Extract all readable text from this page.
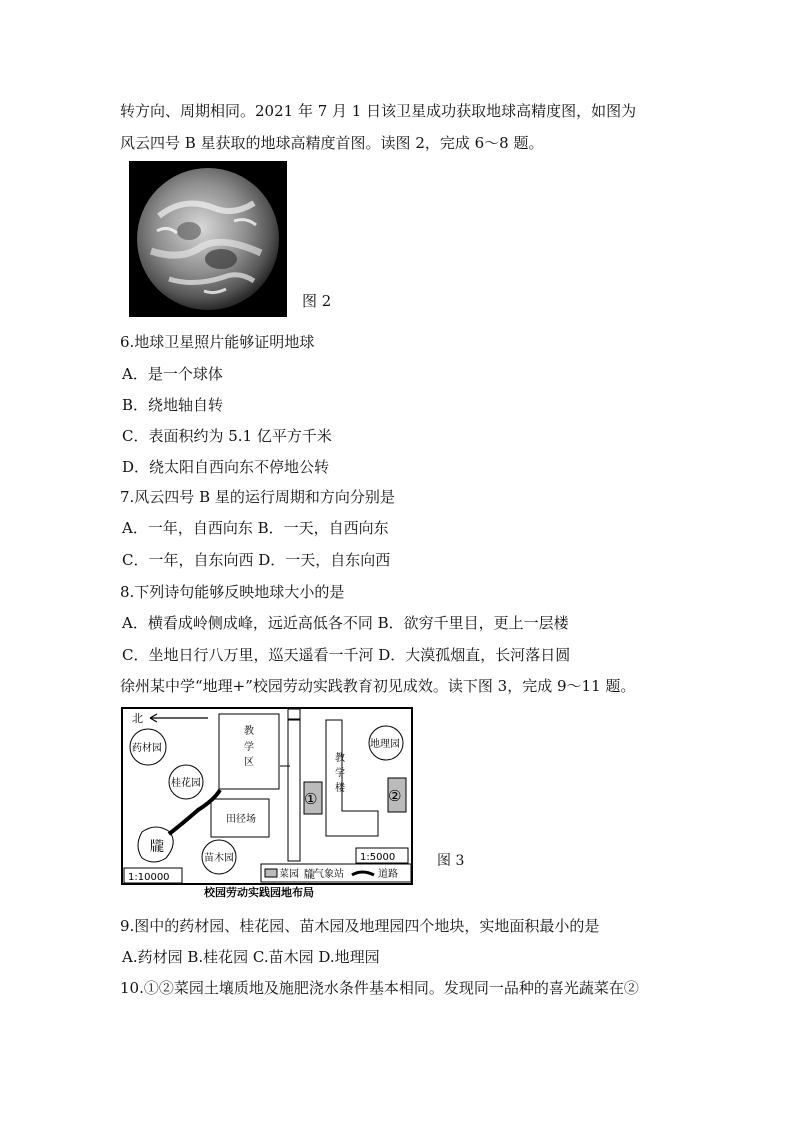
转方向、周期相同。2021 年 7 月 1 日该卫星成功获取地球高精度图，如图为
风云四号 B 星获取的地球高精度首图。读图 2，完成 6～8 题。
图 2
6.地球卫星照片能够证明地球
A．是一个球体
B．绕地轴自转
C．表面积约为 5.1 亿平方千米
D．绕太阳自西向东不停地公转
7.风云四号 B 星的运行周期和方向分别是
A．一年，自西向东 B．一天，自西向东
C．一年，自东向西 D．一天，自东向西
8.下列诗句能够反映地球大小的是
A．横看成岭侧成峰，远近高低各不同 B．欲穷千里目，更上一层楼
C．坐地日行八万里，巡天遥看一千河 D．大漠孤烟直，长河落日圆
徐州某中学“地理+”校园劳动实践教育初见成效。读下图 3，完成 9～11 题。
北
教
学
区	教
学
楼
①	②
药材园
桂花园
苗木园
地理园
田径场
𪚖
1:10000
1:5000
菜园 𪚖 气象站	道路
校园劳动实践园地布局
图 3
9.图中的药材园、桂花园、苗木园及地理园四个地块，实地面积最小的是
A.药材园 B.桂花园 C.苗木园 D.地理园
10.①②菜园土壤质地及施肥浇水条件基本相同。发现同一品种的喜光蔬菜在②
